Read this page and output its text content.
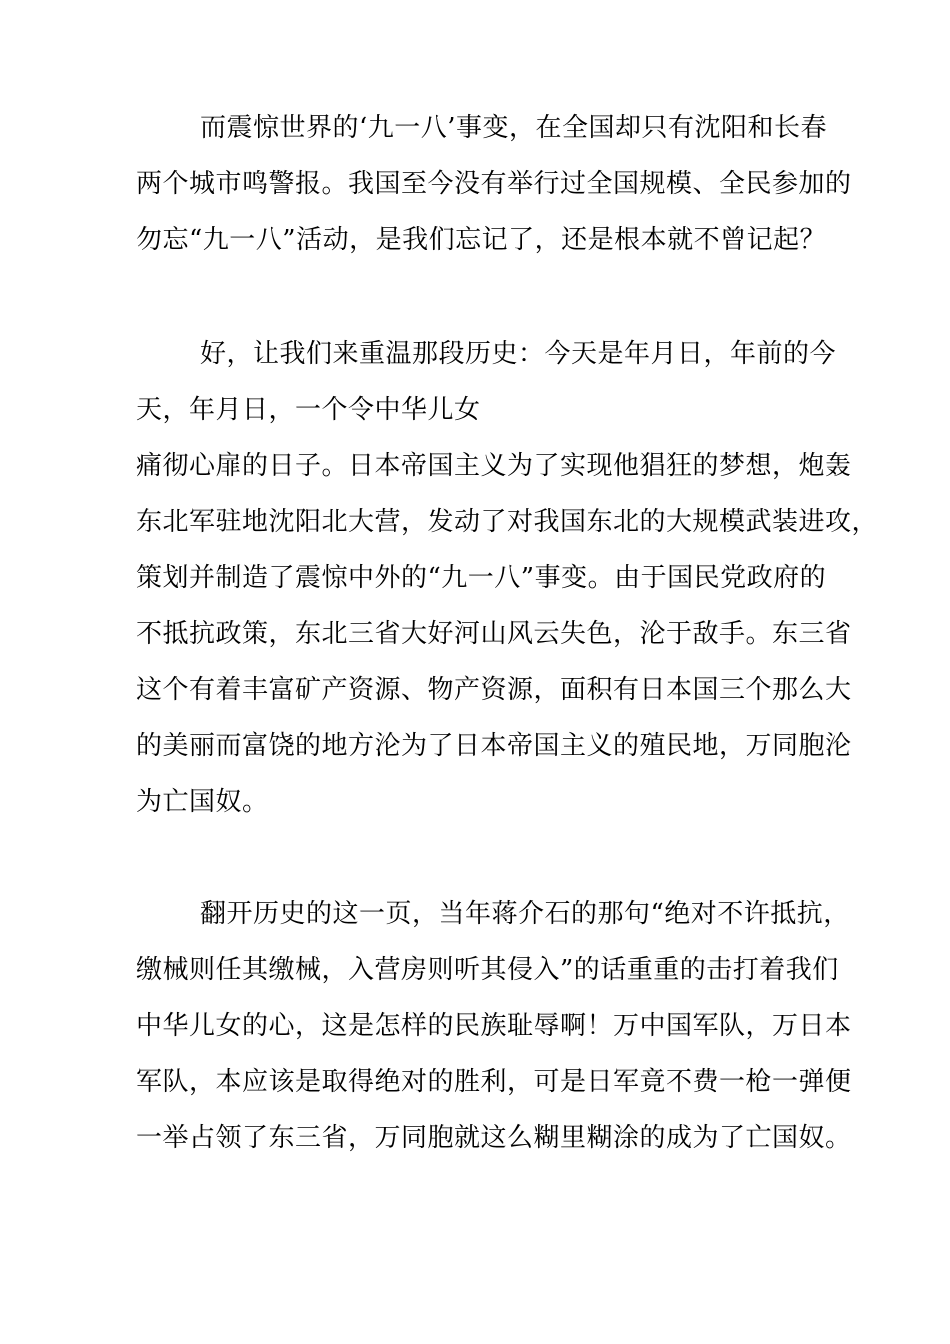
而震惊世界的‘九一八’事变，在全国却只有沈阳和长春
两个城市鸣警报。我国至今没有举行过全国规模、全民参加的
勿忘“九一八”活动，是我们忘记了，还是根本就不曾记起？
好，让我们来重温那段历史：今天是年月日，年前的今
天，年月日，一个令中华儿女
痛彻心扉的日子。日本帝国主义为了实现他猖狂的梦想，炮轰
东北军驻地沈阳北大营，发动了对我国东北的大规模武装进攻，
策划并制造了震惊中外的“九一八”事变。由于国民党政府的
不抵抗政策，东北三省大好河山风云失色，沦于敌手。东三省
这个有着丰富矿产资源、物产资源，面积有日本国三个那么大
的美丽而富饶的地方沦为了日本帝国主义的殖民地，万同胞沦
为亡国奴。
翻开历史的这一页，当年蒋介石的那句“绝对不许抵抗，
缴械则任其缴械，入营房则听其侵入”的话重重的击打着我们
中华儿女的心，这是怎样的民族耻辱啊！万中国军队，万日本
军队，本应该是取得绝对的胜利，可是日军竟不费一枪一弹便
一举占领了东三省，万同胞就这么糊里糊涂的成为了亡国奴。
